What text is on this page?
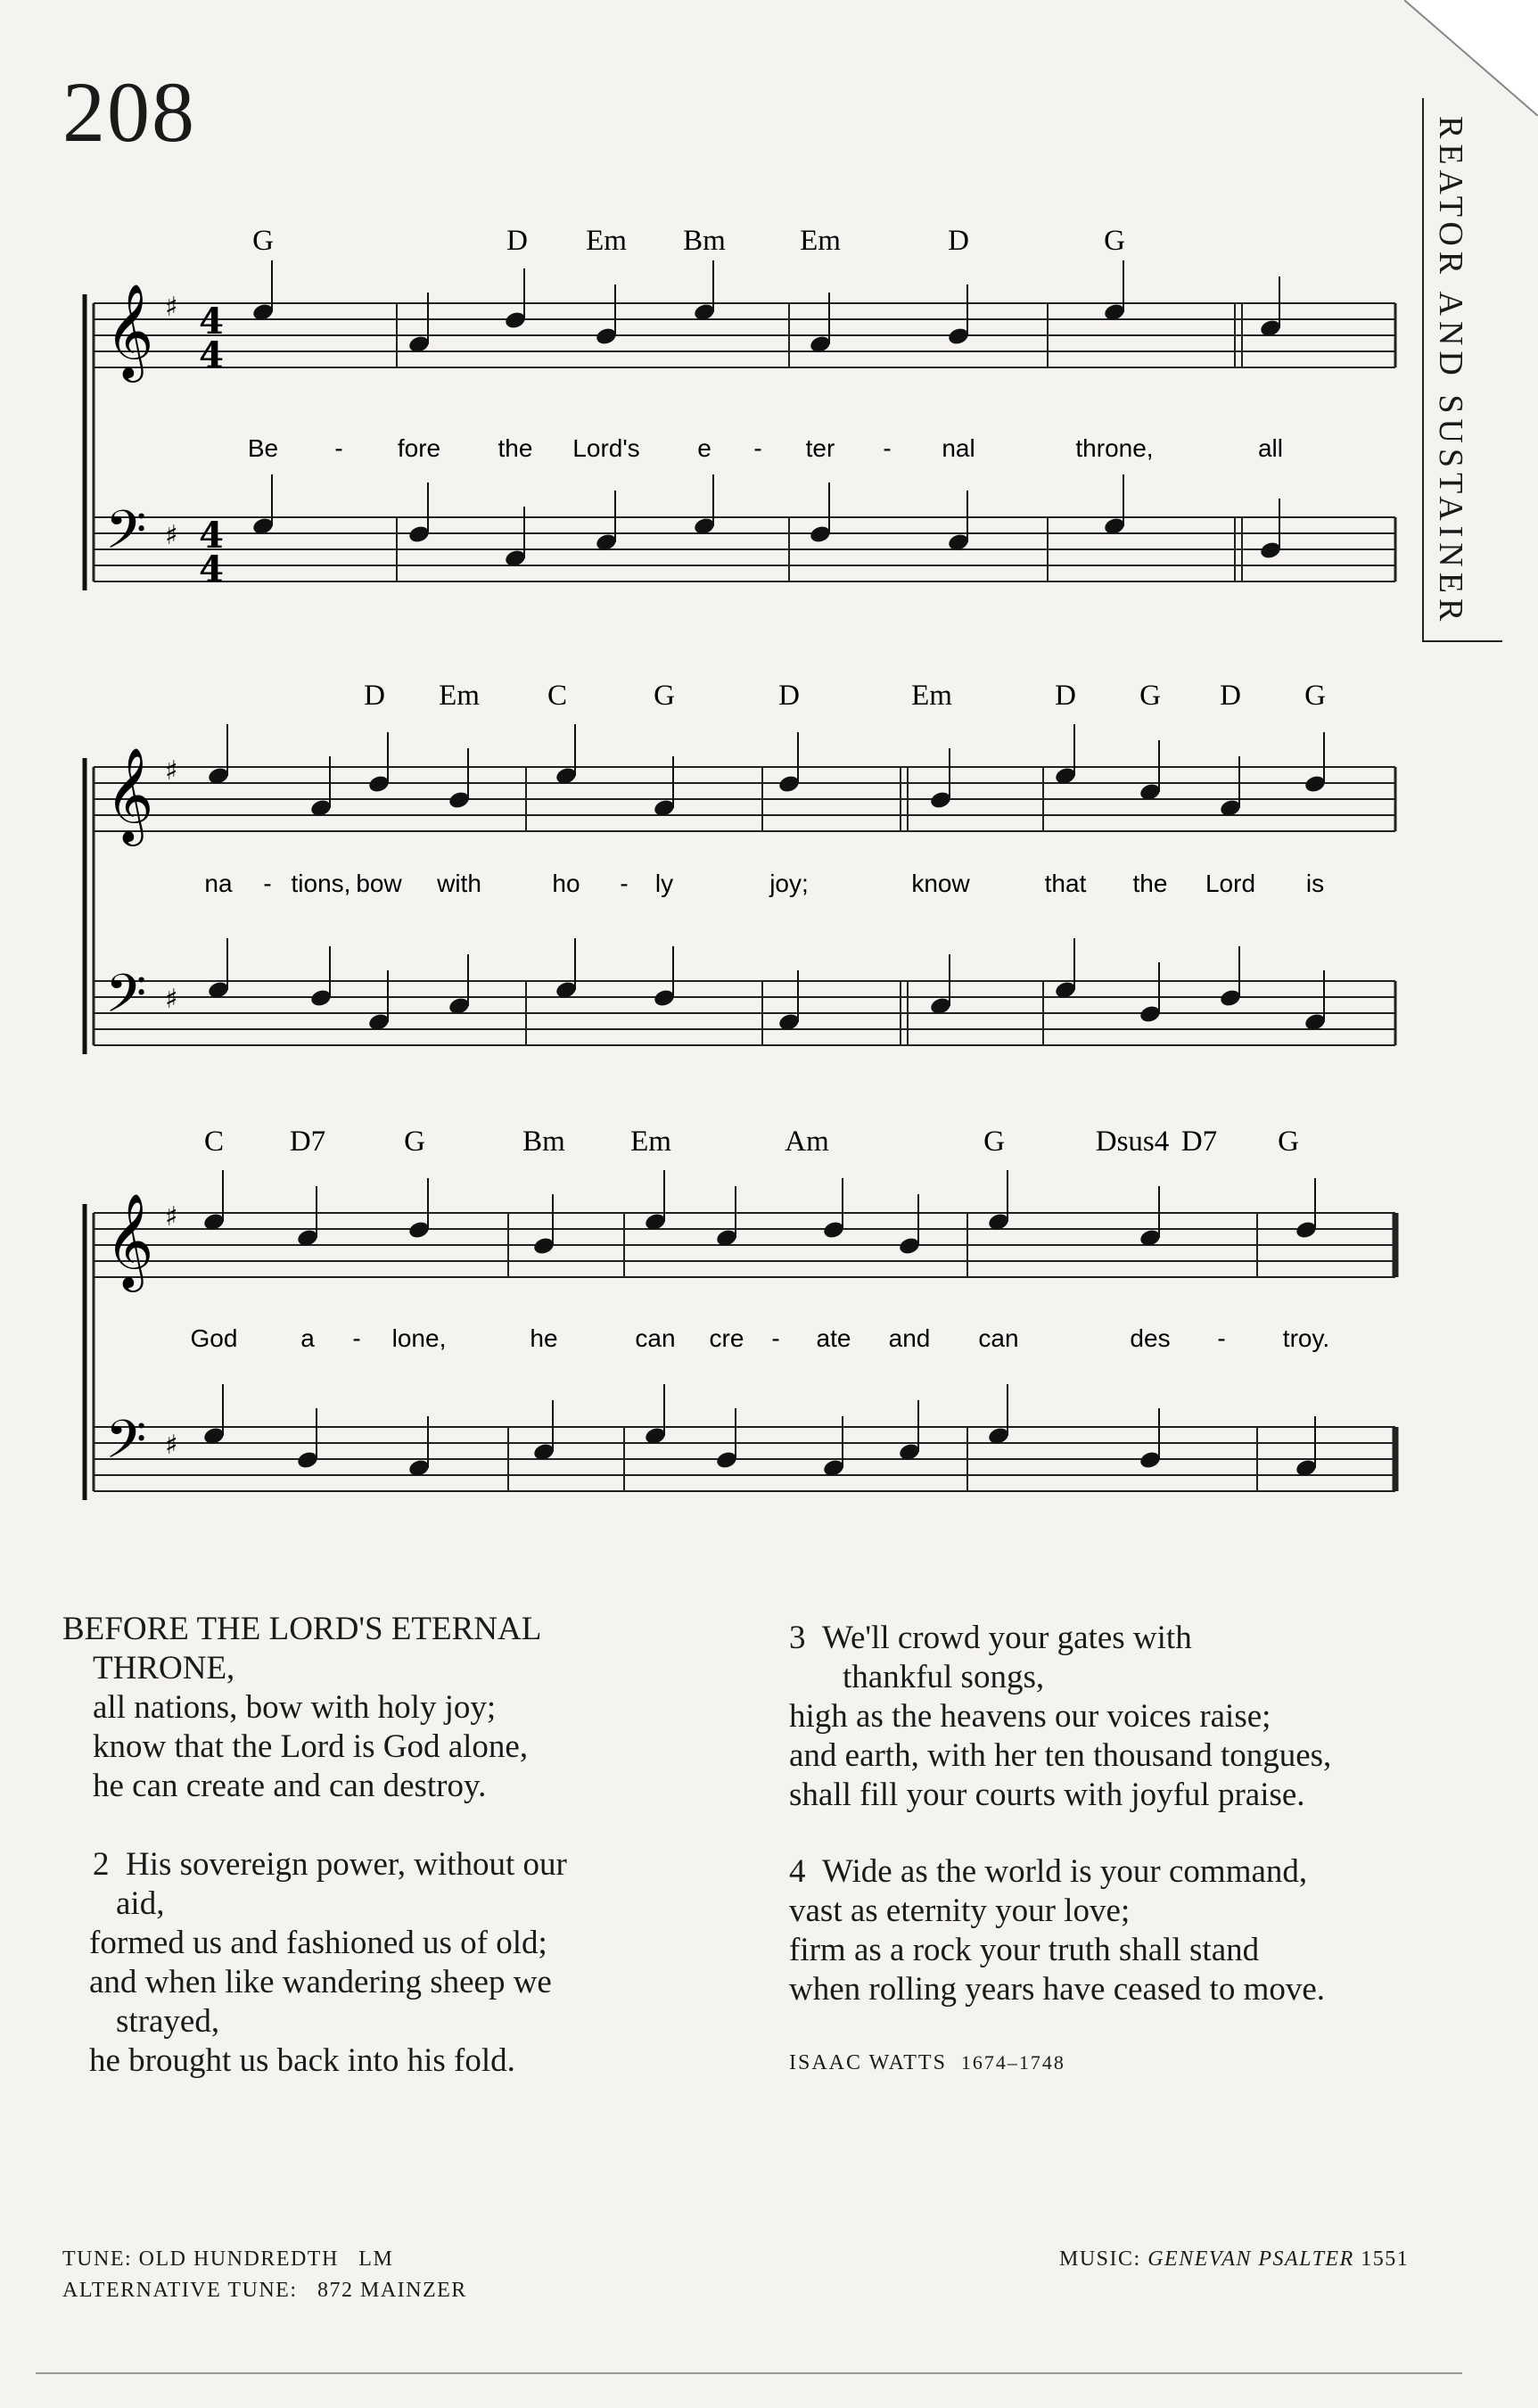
208
REATOR AND SUSTAINER
𝄞 ♯ 4
4
𝄢 ♯ 4
4
G	D Em Bm	Em	D	G
Be - fore the Lord's e - ter - nal	throne,	all
𝄞 ♯
𝄢 ♯
D Em C	G	D	Em	D G D G
na - tions, bow with	ho - ly	joy;	know	that the Lord is
𝄞 ♯
𝄢 ♯
C D7	G	Bm Em	Am	G	Dsus4 D7 G
God	a - lone,	he	can cre - ate and can	des - troy.
BEFORE THE LORD'S ETERNAL
THRONE,
all nations, bow with holy joy;
know that the Lord is God alone,
he can create and can destroy.
2 His sovereign power, without our
aid,
formed us and fashioned us of old;
and when like wandering sheep we
strayed,
he brought us back into his fold.
3 We'll crowd your gates with
thankful songs,
high as the heavens our voices raise;
and earth, with her ten thousand tongues,
shall fill your courts with joyful praise.
4 Wide as the world is your command,
vast as eternity your love;
firm as a rock your truth shall stand
when rolling years have ceased to move.
ISAAC WATTS 1674–1748
TUNE: OLD HUNDREDTH   LM
ALTERNATIVE TUNE: 872 MAINZER
MUSIC: GENEVAN PSALTER 1551
